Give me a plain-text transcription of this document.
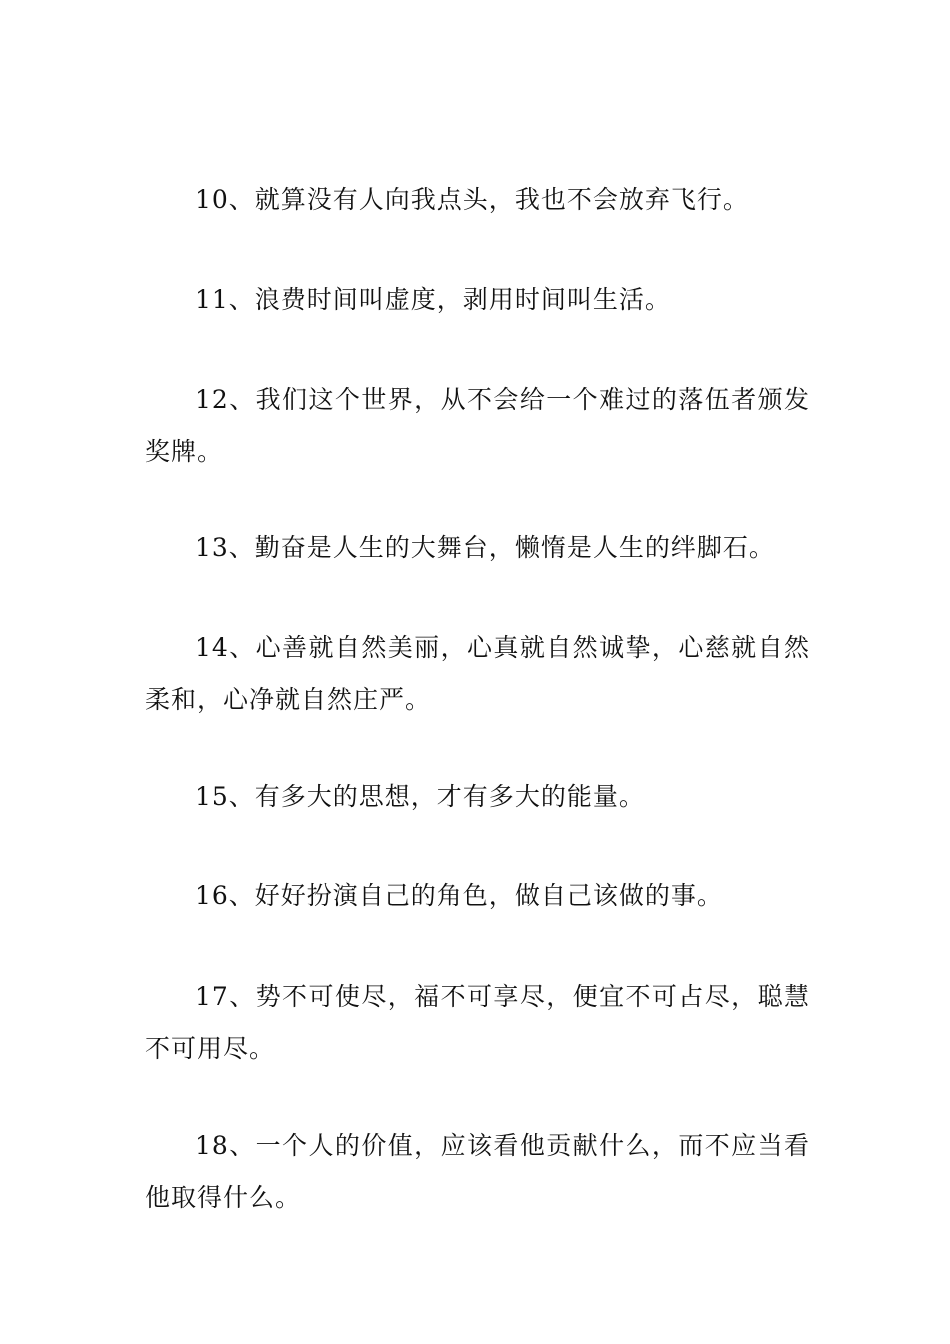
10、就算没有人向我点头，我也不会放弃飞行。

11、浪费时间叫虚度，剥用时间叫生活。

12、我们这个世界，从不会给一个难过的落伍者颁发奖牌。

13、勤奋是人生的大舞台，懒惰是人生的绊脚石。

14、心善就自然美丽，心真就自然诚挚，心慈就自然柔和，心净就自然庄严。

15、有多大的思想，才有多大的能量。

16、好好扮演自己的角色，做自己该做的事。

17、势不可使尽，福不可享尽，便宜不可占尽，聪慧不可用尽。

18、一个人的价值，应该看他贡献什么，而不应当看他取得什么。
